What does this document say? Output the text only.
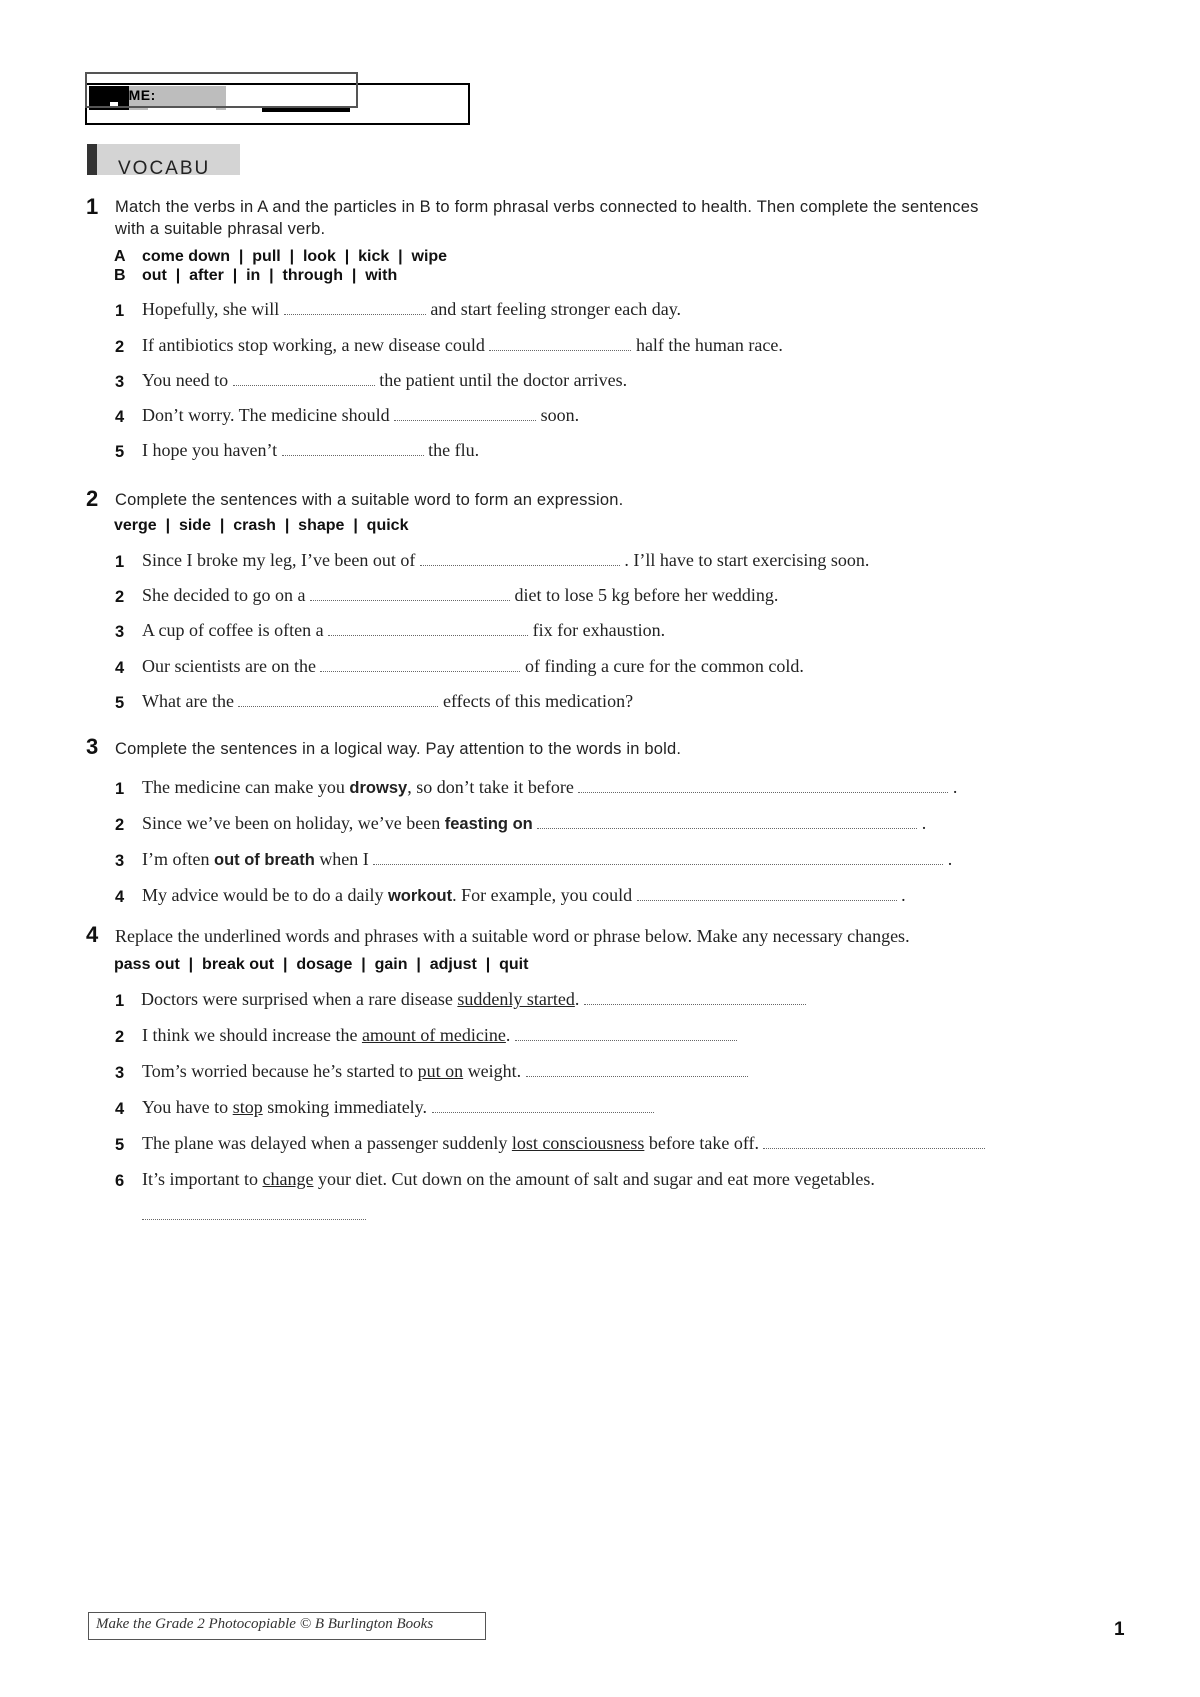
AME:
VOCABU
1 Match the verbs in A and the particles in B to form phrasal verbs connected to health. Then complete the sentences
with a suitable phrasal verb.
A come down  |  pull  |  look  |  kick  |  wipe
B out  |  after  |  in  |  through  |  with
1 Hopefully, she will	and start feeling stronger each day.
2 If antibiotics stop working, a new disease could	half the human race.
3 You need to	the patient until the doctor arrives.
4 Don’t worry. The medicine should	soon.
5 I hope you haven’t	the flu.
2 Complete the sentences with a suitable word to form an expression.
verge  |  side  |  crash  |  shape  |  quick
1 Since I broke my leg, I’ve been out of	. I’ll have to start exercising soon.
2 She decided to go on a	diet to lose 5 kg before her wedding.
3 A cup of coffee is often a	fix for exhaustion.
4 Our scientists are on the	of finding a cure for the common cold.
5 What are the	effects of this medication?
3 Complete the sentences in a logical way. Pay attention to the words in bold.
1 The medicine can make you drowsy, so don’t take it before	.
2 Since we’ve been on holiday, we’ve been feasting on	.
3 I’m often out of breath when I	.
4 My advice would be to do a daily workout. For example, you could	.
4 Replace the underlined words and phrases with a suitable word or phrase below. Make any necessary changes.
pass out  |  break out  |  dosage  |  gain  |  adjust  |  quit
1 Doctors were surprised when a rare disease suddenly started.
2 I think we should increase the amount of medicine.
3 Tom’s worried because he’s started to put on weight.
4 You have to stop smoking immediately.
5 The plane was delayed when a passenger suddenly lost consciousness before take off.
6 It’s important to change your diet. Cut down on the amount of salt and sugar and eat more vegetables.
Make the Grade 2 Photocopiable © B Burlington Books	1
